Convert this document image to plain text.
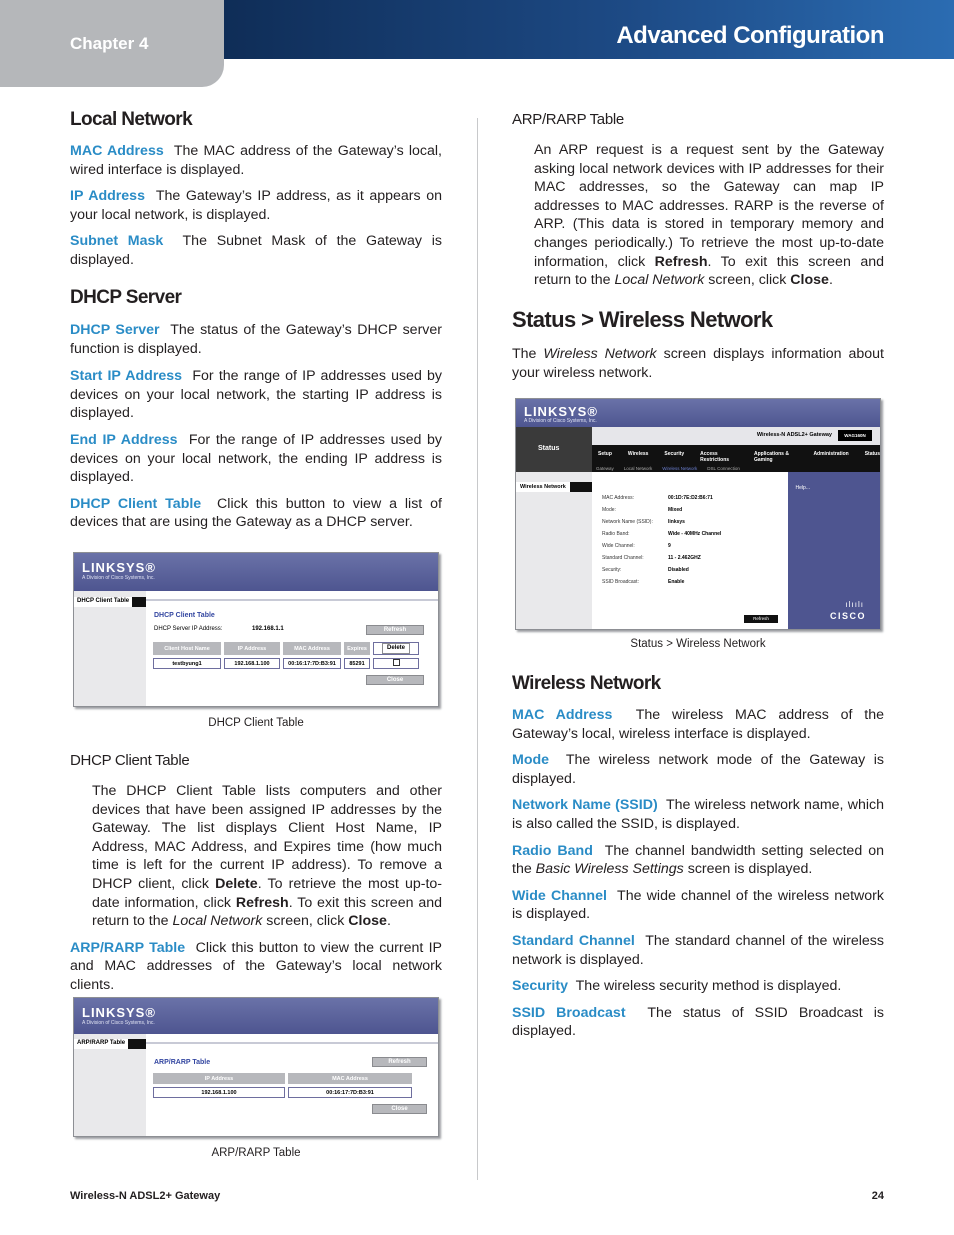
Chapter 4	Advanced Configuration
Local Network

MAC Address The MAC address of the Gateway’s local, wired interface is displayed.

IP Address The Gateway’s IP address, as it appears on your local network, is displayed.

Subnet Mask The Subnet Mask of the Gateway is displayed.

DHCP Server

DHCP Server The status of the Gateway’s DHCP server function is displayed.

Start IP Address For the range of IP addresses used by devices on your local network, the starting IP address is displayed.

End IP Address For the range of IP addresses used by devices on your local network, the ending IP address is displayed.

DHCP Client Table Click this button to view a list of devices that are using the Gateway as a DHCP server.

LINKSYS®
A Division of Cisco Systems, Inc.
DHCP Client Table
DHCP Client Table
DHCP Server IP Address:	192.168.1.1	Refresh
Client Host Name	IP Address	MAC Address	Expires	Delete
testbyung1	192.168.1.100	00:16:17:7D:B3:91	85291	
Close
DHCP Client Table
DHCP Client Table

The DHCP Client Table lists computers and other devices that have been assigned IP addresses by the Gateway. The list displays Client Host Name, IP Address, MAC Address, and Expires time (how much time is left for the current IP address). To remove a DHCP client, click Delete. To retrieve the most up-to-date information, click Refresh. To exit this screen and return to the Local Network screen, click Close.

ARP/RARP Table Click this button to view the current IP and MAC addresses of the Gateway’s local network clients.

LINKSYS®
A Division of Cisco Systems, Inc.
ARP/RARP Table
ARP/RARP Table	Refresh
IP Address	MAC Address
192.168.1.100	00:16:17:7D:B3:91
Close
ARP/RARP Table
ARP/RARP Table

An ARP request is a request sent by the Gateway asking local network devices with IP addresses for their MAC addresses, so the Gateway can map IP addresses to MAC addresses. RARP is the reverse of ARP. (This data is stored in temporary memory and changes periodically.) To retrieve the most up-to-date information, click Refresh. To exit this screen and return to the Local Network screen, click Close.

Status > Wireless Network

The Wireless Network screen displays information about your wireless network.

LINKSYS®
A Division of Cisco Systems, Inc.
Wireless-N ADSL2+ Gateway	WAG160N
Status
Setup	Wireless	Security	Access Restrictions
Applications & Gaming
Administration	Status
Gateway Local Network Wireless Network DSL Connection
Wireless Network	Help...
ılıılı
CISCO
MAC Address:	00:1D:7E:D2:B6:71
Mode:	Mixed
Network Name (SSID):	linksys
Radio Band:	Wide - 40MHz Channel
Wide Channel:	9
Standard Channel:	11 - 2.462GHZ
Security:	Disabled
SSID Broadcast:	Enable
Refresh
Status > Wireless Network
Wireless Network

MAC Address The wireless MAC address of the Gateway’s local, wireless interface is displayed.

Mode The wireless network mode of the Gateway is displayed.

Network Name (SSID) The wireless network name, which is also called the SSID, is displayed.

Radio Band The channel bandwidth setting selected on the Basic Wireless Settings screen is displayed.

Wide Channel The wide channel of the wireless network is displayed.

Standard Channel The standard channel of the wireless network is displayed.

Security The wireless security method is displayed.

SSID Broadcast The status of SSID Broadcast is displayed.

Wireless-N ADSL2+ Gateway	24
